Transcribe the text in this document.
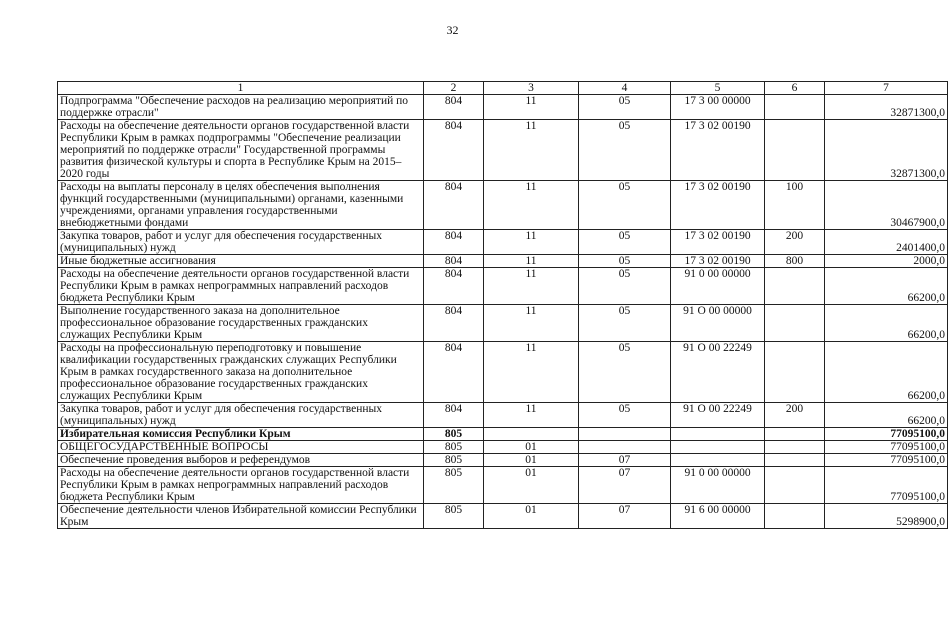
32
1	2	3	4	5	6	7
Подпрограмма "Обеспечение расходов на реализацию мероприятий по поддержке отрасли"	804	11	05	17 3 00 00000		32871300,0
Расходы на обеспечение деятельности органов государственной власти Республики Крым в рамках подпрограммы "Обеспечение реализации мероприятий по поддержке отрасли" Государственной программы развития физической культуры и спорта в Республике Крым на 2015–2020 годы	804	11	05	17 3 02 00190		32871300,0
Расходы на выплаты персоналу в целях обеспечения выполнения функций государственными (муниципальными) органами, казенными учреждениями, органами управления государственными внебюджетными фондами	804	11	05	17 3 02 00190	100	30467900,0
Закупка товаров, работ и услуг для обеспечения государственных (муниципальных) нужд	804	11	05	17 3 02 00190	200	2401400,0
Иные бюджетные ассигнования	804	11	05	17 3 02 00190	800	2000,0
Расходы на обеспечение деятельности органов государственной власти Республики Крым в рамках непрограммных направлений расходов бюджета Республики Крым	804	11	05	91 0 00 00000		66200,0
Выполнение государственного заказа на дополнительное профессиональное образование государственных гражданских служащих Республики Крым	804	11	05	91 О 00 00000		66200,0
Расходы на профессиональную переподготовку и повышение квалификации государственных гражданских служащих Республики Крым в рамках государственного заказа на дополнительное профессиональное образование государственных гражданских служащих Республики Крым	804	11	05	91 О 00 22249		66200,0
Закупка товаров, работ и услуг для обеспечения государственных (муниципальных) нужд	804	11	05	91 О 00 22249	200	66200,0
Избирательная комиссия Республики Крым	805					77095100,0
ОБЩЕГОСУДАРСТВЕННЫЕ ВОПРОСЫ	805	01				77095100,0
Обеспечение проведения выборов и референдумов	805	01	07			77095100,0
Расходы на обеспечение деятельности органов государственной власти Республики Крым в рамках непрограммных направлений расходов бюджета Республики Крым	805	01	07	91 0 00 00000		77095100,0
Обеспечение деятельности членов Избирательной комиссии Республики Крым	805	01	07	91 6 00 00000		5298900,0
